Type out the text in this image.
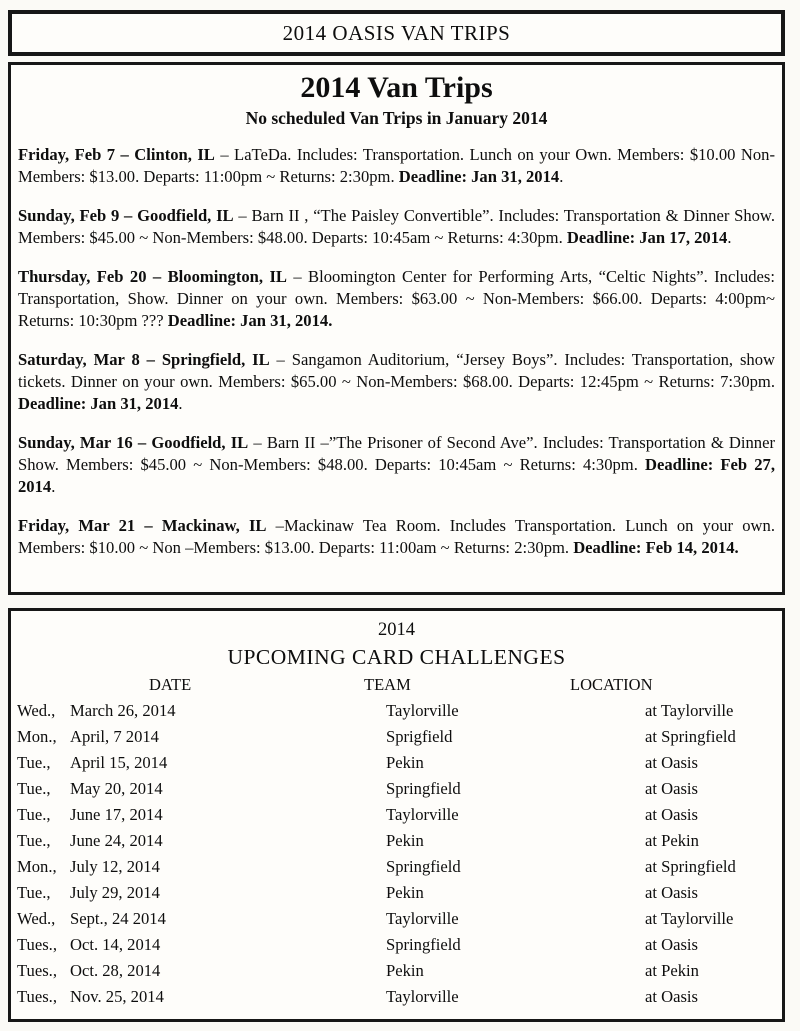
2014 OASIS VAN TRIPS
2014 Van Trips
No scheduled Van Trips in January 2014
Friday, Feb 7 – Clinton, IL – LaTeDa. Includes: Transportation. Lunch on your Own. Members: $10.00 Non-Members: $13.00. Departs: 11:00pm ~ Returns: 2:30pm. Deadline: Jan 31, 2014.
Sunday, Feb 9 – Goodfield, IL – Barn II , “The Paisley Convertible”. Includes: Transportation & Dinner Show. Members: $45.00 ~ Non-Members: $48.00. Departs: 10:45am ~ Returns: 4:30pm. Deadline: Jan 17, 2014.
Thursday, Feb 20 – Bloomington, IL – Bloomington Center for Performing Arts, “Celtic Nights”. Includes: Transportation, Show. Dinner on your own. Members: $63.00 ~ Non-Members: $66.00. Departs: 4:00pm~ Returns: 10:30pm ??? Deadline: Jan 31, 2014.
Saturday, Mar 8 – Springfield, IL – Sangamon Auditorium, “Jersey Boys”. Includes: Transportation, show tickets. Dinner on your own. Members: $65.00 ~ Non-Members: $68.00. Departs: 12:45pm ~ Returns: 7:30pm. Deadline: Jan 31, 2014.
Sunday, Mar 16 – Goodfield, IL – Barn II –”The Prisoner of Second Ave”. Includes: Transportation & Dinner Show. Members: $45.00 ~ Non-Members: $48.00. Departs: 10:45am ~ Returns: 4:30pm. Deadline: Feb 27, 2014.
Friday, Mar 21 – Mackinaw, IL –Mackinaw Tea Room. Includes Transportation. Lunch on your own. Members: $10.00 ~ Non –Members: $13.00. Departs: 11:00am ~ Returns: 2:30pm. Deadline: Feb 14, 2014.
2014
UPCOMING CARD CHALLENGES
DATE	TEAM	LOCATION
Wed., March 26, 2014	Taylorville	at Taylorville
Mon., April, 7 2014	Sprigfield	at Springfield
Tue.,	April 15, 2014	Pekin	at Oasis
Tue.,	May 20, 2014	Springfield	at Oasis
Tue.,	June 17, 2014	Taylorville	at Oasis
Tue.,	June 24, 2014	Pekin	at Pekin
Mon., July 12, 2014	Springfield	at Springfield
Tue.,	July 29, 2014	Pekin	at Oasis
Wed., Sept., 24 2014	Taylorville	at Taylorville
Tues., Oct. 14, 2014	Springfield	at Oasis
Tues., Oct. 28, 2014	Pekin	at Pekin
Tues., Nov. 25, 2014	Taylorville	at Oasis
